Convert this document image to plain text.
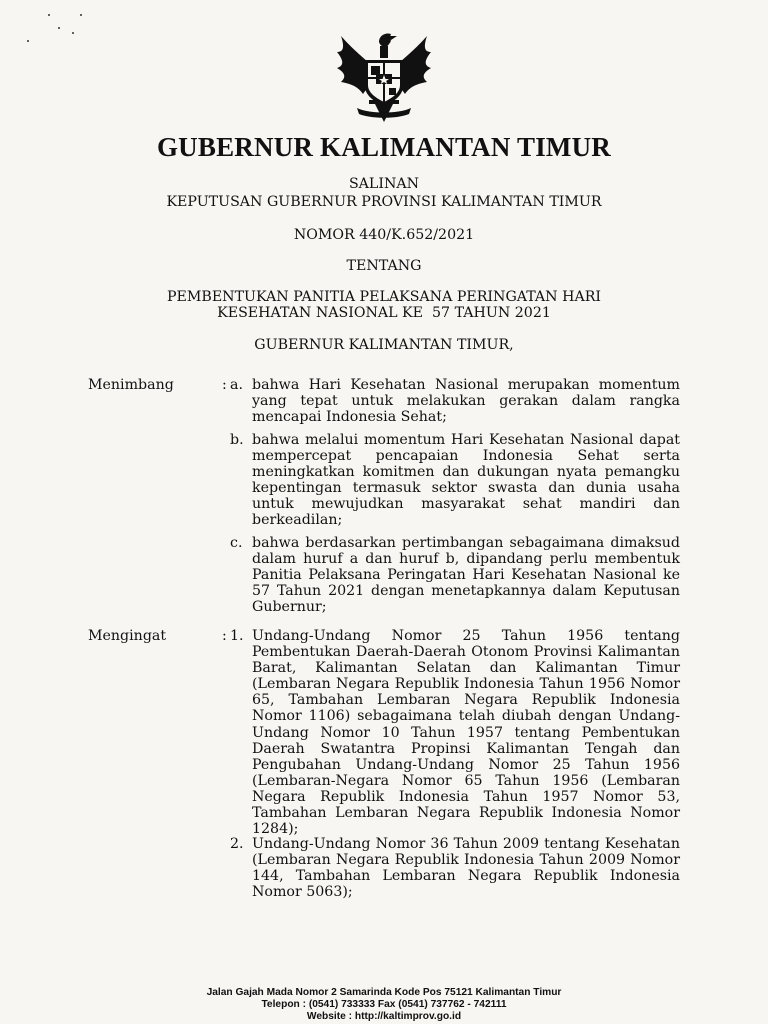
GUBERNUR KALIMANTAN TIMUR
SALINAN
KEPUTUSAN GUBERNUR PROVINSI KALIMANTAN TIMUR
NOMOR 440/K.652/2021
TENTANG
PEMBENTUKAN PANITIA PELAKSANA PERINGATAN HARI
KESEHATAN NASIONAL KE  57 TAHUN 2021
GUBERNUR KALIMANTAN TIMUR,
Menimbang	: a. bahwa Hari Kesehatan Nasional merupakan momentum yang tepat untuk melakukan gerakan dalam rangka mencapai Indonesia Sehat;
b. bahwa melalui momentum Hari Kesehatan Nasional dapat mempercepat pencapaian Indonesia Sehat serta meningkatkan komitmen dan dukungan nyata pemangku kepentingan termasuk sektor swasta dan dunia usaha untuk mewujudkan masyarakat sehat mandiri dan berkeadilan;
c. bahwa berdasarkan pertimbangan sebagaimana dimaksud dalam huruf a dan huruf b, dipandang perlu membentuk Panitia Pelaksana Peringatan Hari Kesehatan Nasional ke 57 Tahun 2021 dengan menetapkannya dalam Keputusan Gubernur;
Mengingat	: 1. Undang-Undang Nomor 25 Tahun 1956 tentang Pembentukan Daerah-Daerah Otonom Provinsi Kalimantan Barat, Kalimantan Selatan dan Kalimantan Timur (Lembaran Negara Republik Indonesia Tahun 1956 Nomor 65, Tambahan Lembaran Negara Republik Indonesia Nomor 1106) sebagaimana telah diubah dengan Undang-Undang Nomor 10 Tahun 1957 tentang Pembentukan Daerah Swatantra Propinsi Kalimantan Tengah dan Pengubahan Undang-Undang Nomor 25 Tahun 1956 (Lembaran-Negara Nomor 65 Tahun 1956 (Lembaran Negara Republik Indonesia Tahun 1957 Nomor 53, Tambahan Lembaran Negara Republik Indonesia Nomor 1284);
2. Undang-Undang Nomor 36 Tahun 2009 tentang Kesehatan (Lembaran Negara Republik Indonesia Tahun 2009 Nomor 144, Tambahan Lembaran Negara Republik Indonesia Nomor 5063);
Jalan Gajah Mada Nomor 2 Samarinda Kode Pos 75121 Kalimantan Timur
Telepon : (0541) 733333 Fax (0541) 737762 - 742111
Website : http://kaltimprov.go.id
